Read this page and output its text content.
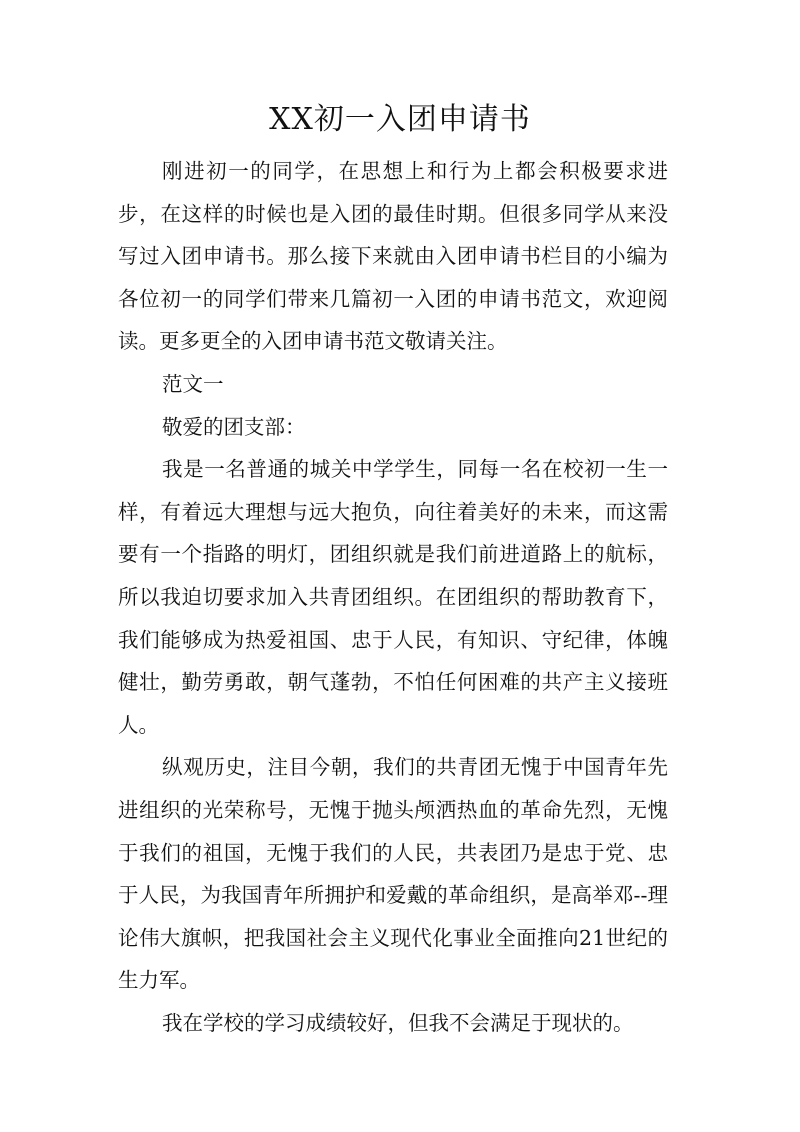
XX初一入团申请书

刚进初一的同学，在思想上和行为上都会积极要求进步，在这样的时候也是入团的最佳时期。但很多同学从来没写过入团申请书。那么接下来就由入团申请书栏目的小编为各位初一的同学们带来几篇初一入团的申请书范文，欢迎阅读。更多更全的入团申请书范文敬请关注。

范文一

敬爱的团支部：

我是一名普通的城关中学学生，同每一名在校初一生一样，有着远大理想与远大抱负，向往着美好的未来，而这需要有一个指路的明灯，团组织就是我们前进道路上的航标，所以我迫切要求加入共青团组织。在团组织的帮助教育下，我们能够成为热爱祖国、忠于人民，有知识、守纪律，体魄健壮，勤劳勇敢，朝气蓬勃，不怕任何困难的共产主义接班人。

纵观历史，注目今朝，我们的共青团无愧于中国青年先进组织的光荣称号，无愧于抛头颅洒热血的革命先烈，无愧于我们的祖国，无愧于我们的人民，共表团乃是忠于党、忠于人民，为我国青年所拥护和爱戴的革命组织，是高举邓--理论伟大旗帜，把我国社会主义现代化事业全面推向21世纪的生力军。

我在学校的学习成绩较好，但我不会满足于现状的。
